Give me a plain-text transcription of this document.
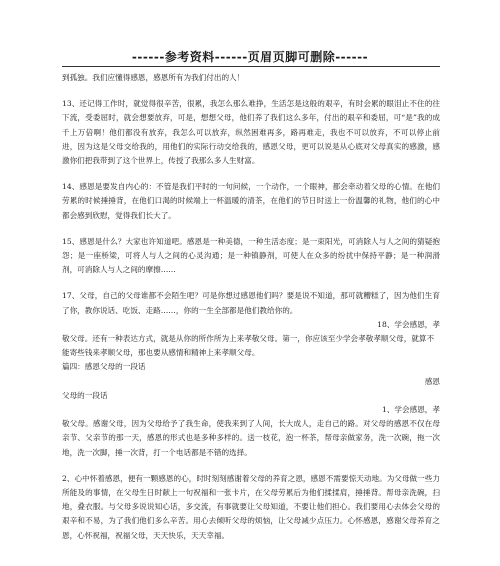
------参考资料------页眉页脚可删除------

到孤独。我们应懂得感恩，感恩所有为我们付出的人！

13、还记得工作时，就觉得很辛苦，很累，我怎么那么难挣，生活怎是这般的艰辛，有时会累的眼泪止不住的往下流，受委屈时，就会想要放弃，可是，想想父母，他们养了我们这么多年，付出的艰辛和委屈，可“是”我的成千上万倍啊！他们都没有放弃，我怎么可以放弃，纵然困难再多，路再难走，我也不可以放弃，不可以停止前进，因为这是父母交给我的，用他们的实际行动交给我的，感恩父母，更可以说是从心底对父母真实的感激，感激你们把我带到了这个世界上，传授了我那么多人生财富。

14、感恩是要发自内心的：不管是我们平时的一句问候，一个动作，一个眼神，都会牵动着父母的心情。在他们劳累的时候捶捶背，在他们口渴的时候端上一杯温暖的清茶，在他们的节日时送上一份温馨的礼物，他们的心中都会感到欣慰，觉得我们长大了。

15、感恩是什么？大家也许知道吧。感恩是一种美德，一种生活态度；是一束阳光，可消除人与人之间的猜疑抱怨；是一座桥梁，可将人与人之间的心灵沟通；是一种镇静剂，可使人在众多的纷扰中保持平静；是一种润滑剂，可消除人与人之间的摩擦……

17、父母，自己的父母谁都不会陌生吧？可是你想过感恩他们吗？要是说不知道，那可就糟糕了，因为他们生育了你，教你说话、吃饭、走路……，你的一生全部都是他们教给你的。

18、学会感恩，孝

敬父母。还有一种表达方式，就是从你的所作所为上来孝敬父母。第一，你应该至少学会孝敬孝顺父母，就算不能寄些钱来孝顺父母，那也要从感情和精神上来孝顺父母。

篇四：感恩父母的一段话

感恩

父母的一段话

1、学会感恩，孝

敬父母。感谢父母，因为父母给予了我生命，使我来到了人间，长大成人，走自己的路。对父母的感恩不仅在母亲节、父亲节的那一天，感恩的形式也是多种多样的。送一枝花，泡一杯茶，帮母亲做家务，洗一次碗，拖一次地，洗一次脚，捶一次背，打一个电话都是不错的选择。

2、心中怀着感恩，便有一颗感恩的心，时时刻刻感谢着父母的养育之恩，感恩不需要惊天动地。为父母做一些力所能及的事情，在父母生日时献上一句祝福和一张卡片，在父母劳累后为他们揉揉肩，捶捶背。帮母亲洗碗，扫地，叠衣服。与父母多说说知心话，多交流，有事就要让父母知道，不要让他们担心。我们要用心去体会父母的艰辛和不易，为了我们他们多么辛苦。用心去倾听父母的烦恼，让父母减少点压力。心怀感恩，感谢父母养育之恩，心怀祝福，祝福父母，天天快乐，天天幸福。
